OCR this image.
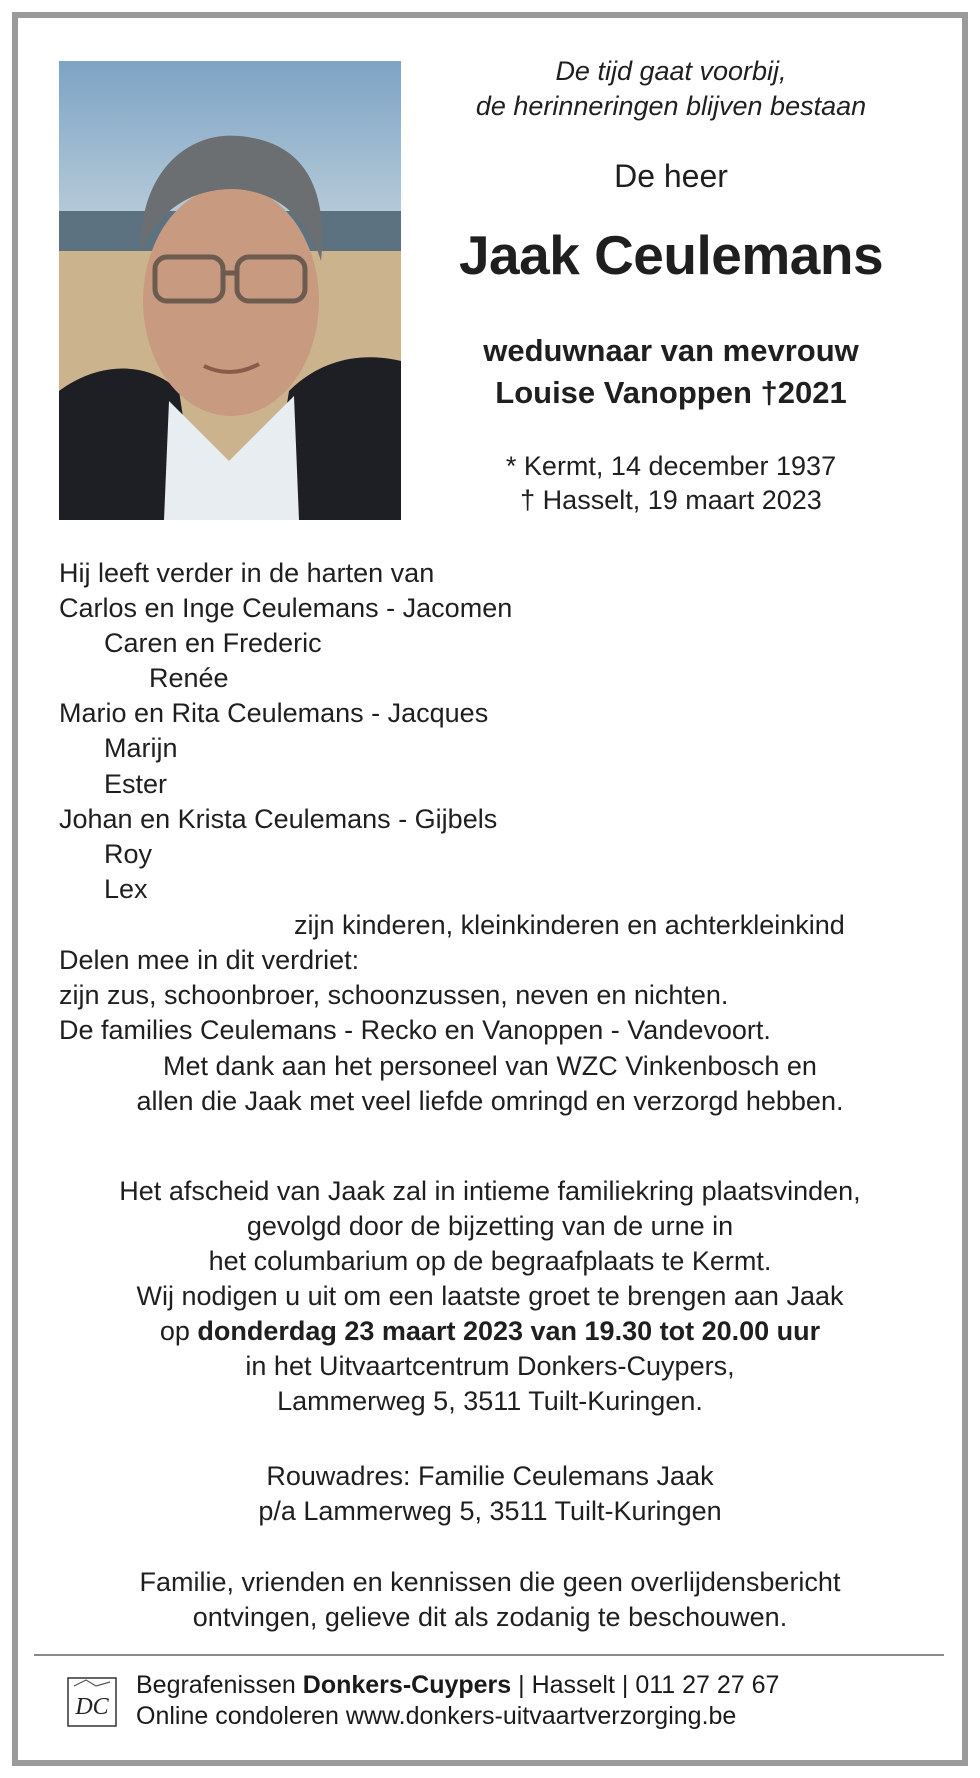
De tijd gaat voorbij,
de herinneringen blijven bestaan
De heer
Jaak Ceulemans
weduwnaar van mevrouw
Louise Vanoppen †2021
* Kermt, 14 december 1937
† Hasselt, 19 maart 2023
Hij leeft verder in de harten van
Carlos en Inge Ceulemans - Jacomen
Caren en Frederic
Renée
Mario en Rita Ceulemans - Jacques
Marijn
Ester
Johan en Krista Ceulemans - Gijbels
Roy
Lex
zijn kinderen, kleinkinderen en achterkleinkind
Delen mee in dit verdriet:
zijn zus, schoonbroer, schoonzussen, neven en nichten.
De families Ceulemans - Recko en Vanoppen - Vandevoort.
Met dank aan het personeel van WZC Vinkenbosch en
allen die Jaak met veel liefde omringd en verzorgd hebben.
Het afscheid van Jaak zal in intieme familiekring plaatsvinden,
gevolgd door de bijzetting van de urne in
het columbarium op de begraafplaats te Kermt.
Wij nodigen u uit om een laatste groet te brengen aan Jaak
op donderdag 23 maart 2023 van 19.30 tot 20.00 uur
in het Uitvaartcentrum Donkers-Cuypers,
Lammerweg 5, 3511 Tuilt-Kuringen.
Rouwadres: Familie Ceulemans Jaak
p/a Lammerweg 5, 3511 Tuilt-Kuringen
Familie, vrienden en kennissen die geen overlijdensbericht
ontvingen, gelieve dit als zodanig te beschouwen.
DC
Begrafenissen Donkers-Cuypers | Hasselt | 011 27 27 67
Online condoleren www.donkers-uitvaartverzorging.be
